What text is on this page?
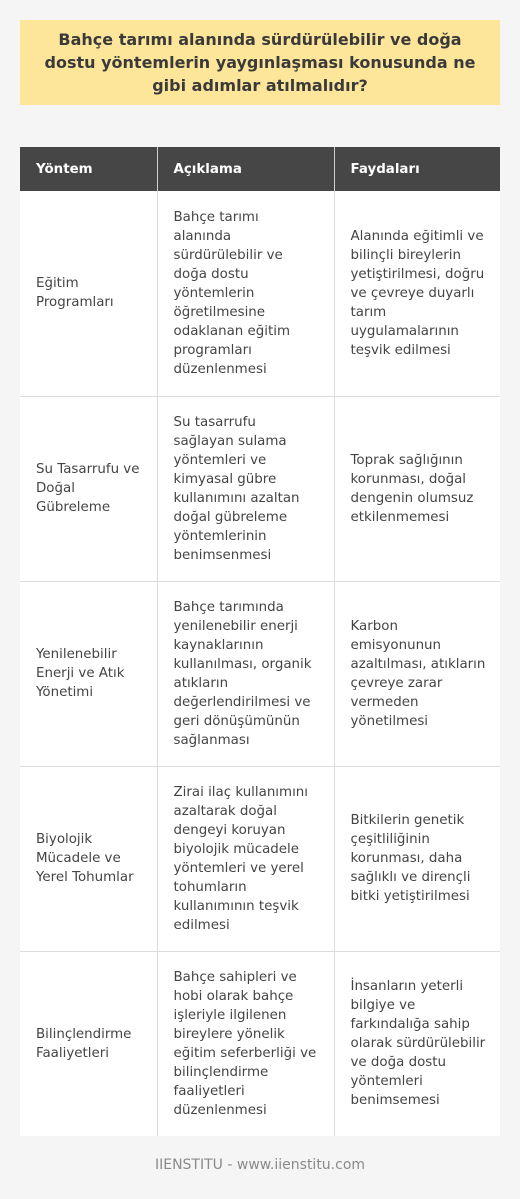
Bahçe tarımı alanında sürdürülebilir ve doğa dostu yöntemlerin yaygınlaşması konusunda ne gibi adımlar atılmalıdır?
Yöntem	Açıklama	Faydaları
Eğitim Programları	Bahçe tarımı alanında sürdürülebilir ve doğa dostu yöntemlerin öğretilmesine odaklanan eğitim programları düzenlenmesi	Alanında eğitimli ve bilinçli bireylerin yetiştirilmesi, doğru ve çevreye duyarlı tarım uygulamalarının teşvik edilmesi
Su Tasarrufu ve Doğal Gübreleme	Su tasarrufu sağlayan sulama yöntemleri ve kimyasal gübre kullanımını azaltan doğal gübreleme yöntemlerinin benimsenmesi	Toprak sağlığının korunması, doğal dengenin olumsuz etkilenmemesi
Yenilenebilir Enerji ve Atık Yönetimi	Bahçe tarımında yenilenebilir enerji kaynaklarının kullanılması, organik atıkların değerlendirilmesi ve geri dönüşümünün sağlanması	Karbon emisyonunun azaltılması, atıkların çevreye zarar vermeden yönetilmesi
Biyolojik Mücadele ve Yerel Tohumlar	Zirai ilaç kullanımını azaltarak doğal dengeyi koruyan biyolojik mücadele yöntemleri ve yerel tohumların kullanımının teşvik edilmesi	Bitkilerin genetik çeşitliliğinin korunması, daha sağlıklı ve dirençli bitki yetiştirilmesi
Bilinçlendirme Faaliyetleri	Bahçe sahipleri ve hobi olarak bahçe işleriyle ilgilenen bireylere yönelik eğitim seferberliği ve bilinçlendirme faaliyetleri düzenlenmesi	İnsanların yeterli bilgiye ve farkındalığa sahip olarak sürdürülebilir ve doğa dostu yöntemleri benimsemesi
IIENSTITU - www.iienstitu.com
